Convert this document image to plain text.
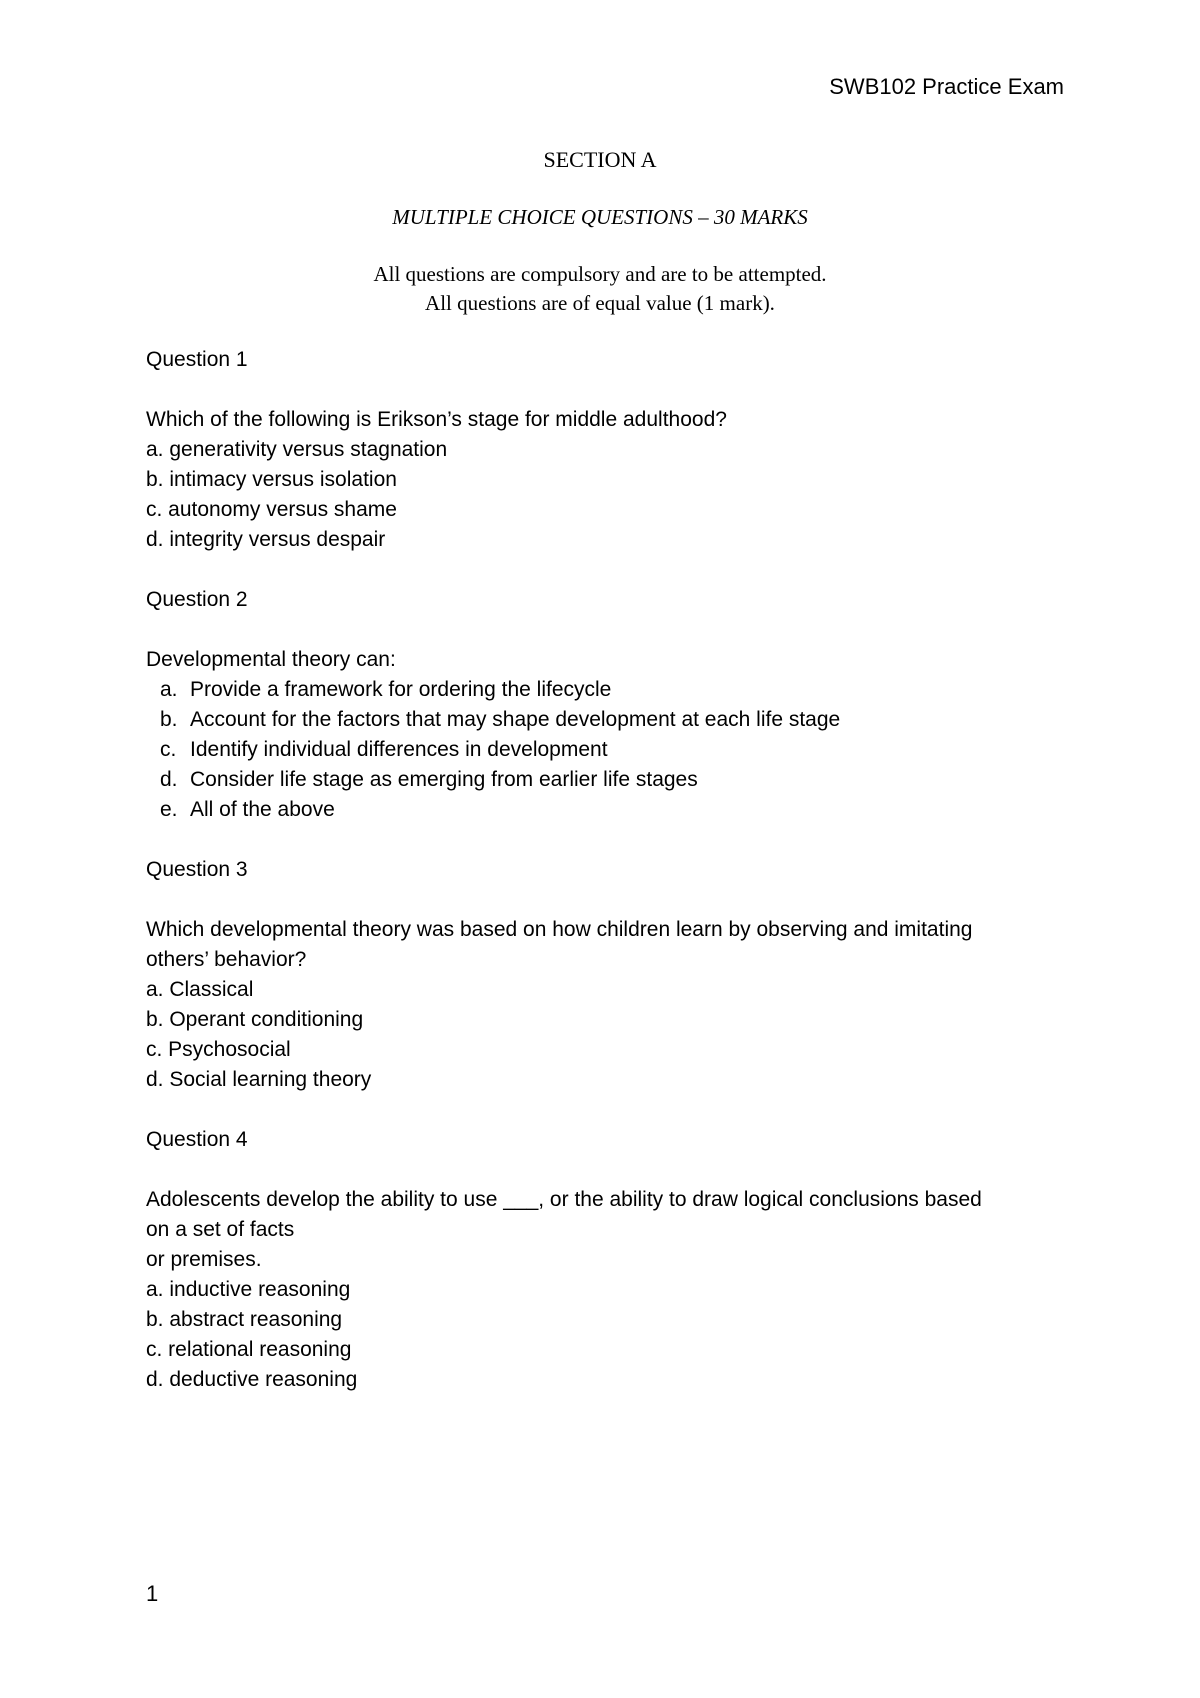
SWB102 Practice Exam
SECTION A
MULTIPLE CHOICE QUESTIONS – 30 MARKS
All questions are compulsory and are to be attempted.
All questions are of equal value (1 mark).
Question 1
Which of the following is Erikson’s stage for middle adulthood?
a. generativity versus stagnation
b. intimacy versus isolation
c. autonomy versus shame
d. integrity versus despair
Question 2
Developmental theory can:
a. Provide a framework for ordering the lifecycle
b. Account for the factors that may shape development at each life stage
c. Identify individual differences in development
d. Consider life stage as emerging from earlier life stages
e. All of the above
Question 3
Which developmental theory was based on how children learn by observing and imitating
others’ behavior?
a. Classical
b. Operant conditioning
c. Psychosocial
d. Social learning theory
Question 4
Adolescents develop the ability to use ___, or the ability to draw logical conclusions based
on a set of facts
or premises.
a. inductive reasoning
b. abstract reasoning
c. relational reasoning
d. deductive reasoning
1
